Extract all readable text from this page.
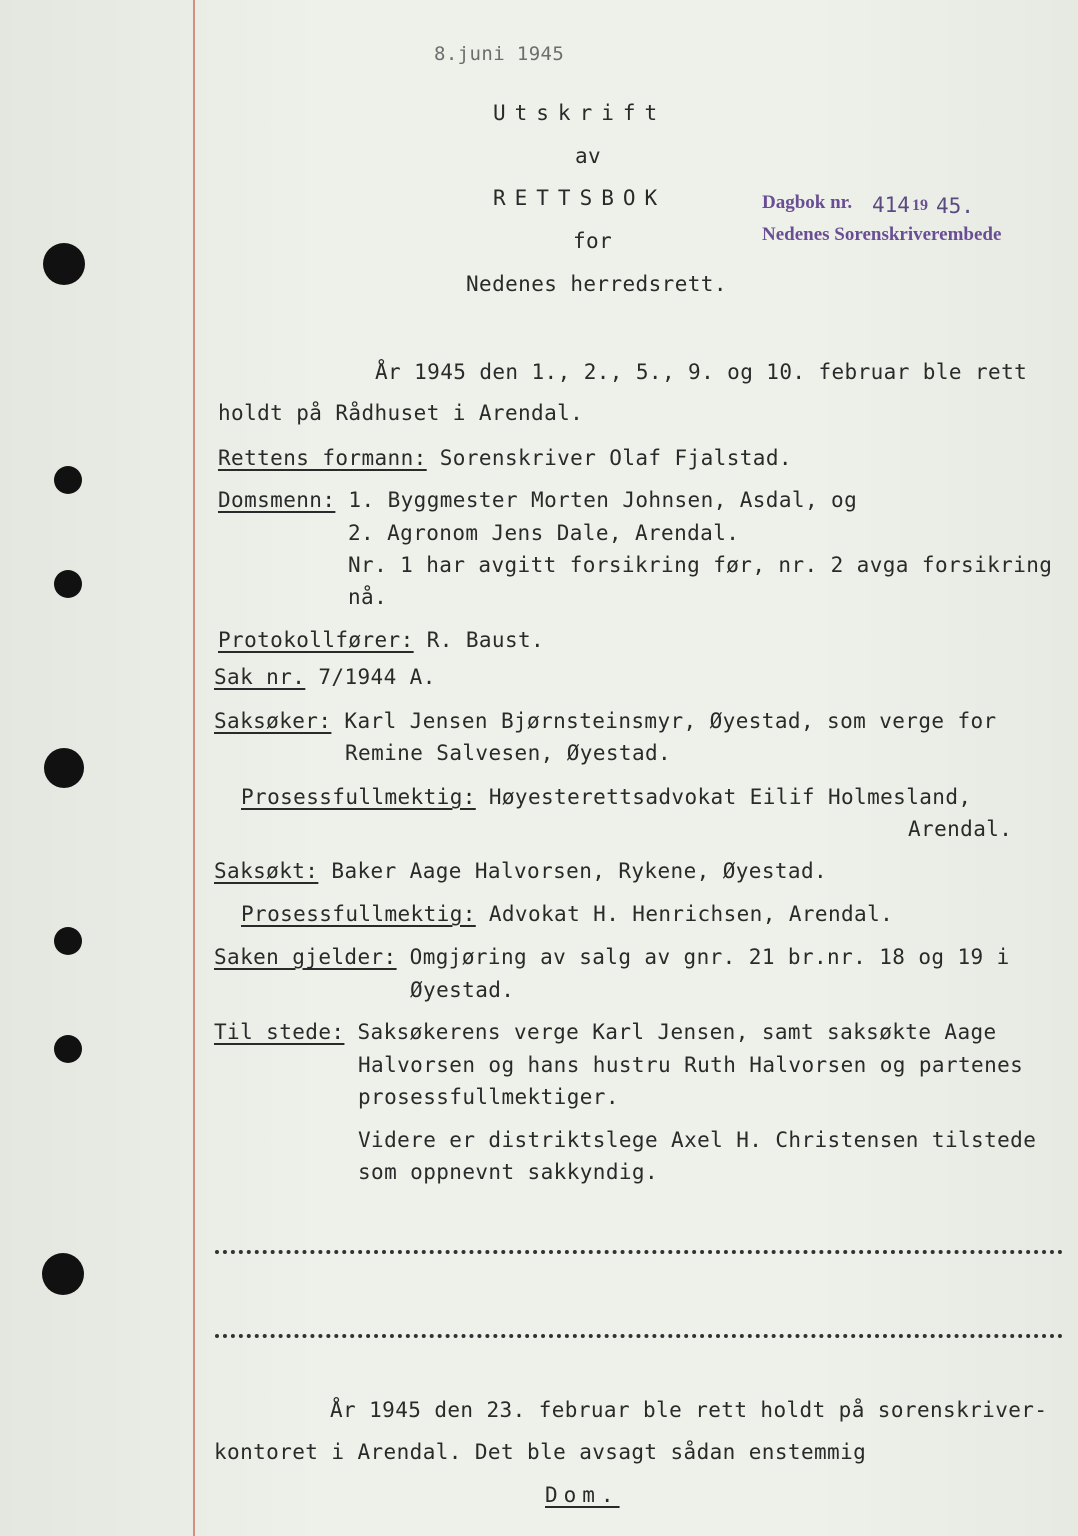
8.juni 1945
Utskrift
av
RETTSBOK
for
Nedenes herredsrett.
Dagbok nr. 414 19 45.
Nedenes Sorenskriverembede
År 1945 den 1., 2., 5., 9. og 10. februar ble rett
holdt på Rådhuset i Arendal.
Rettens formann: Sorenskriver Olaf Fjalstad.
Domsmenn: 1. Byggmester Morten Johnsen, Asdal, og
2. Agronom Jens Dale, Arendal.
Nr. 1 har avgitt forsikring før, nr. 2 avga forsikring
nå.
Protokollfører: R. Baust.
Sak nr. 7/1944 A.
Saksøker: Karl Jensen Bjørnsteinsmyr, Øyestad, som verge for
Remine Salvesen, Øyestad.
Prosessfullmektig: Høyesterettsadvokat Eilif Holmesland,
Arendal.
Saksøkt: Baker Aage Halvorsen, Rykene, Øyestad.
Prosessfullmektig: Advokat H. Henrichsen, Arendal.
Saken gjelder: Omgjøring av salg av gnr. 21 br.nr. 18 og 19 i
Øyestad.
Til stede: Saksøkerens verge Karl Jensen, samt saksøkte Aage
Halvorsen og hans hustru Ruth Halvorsen og partenes
prosessfullmektiger.
Videre er distriktslege Axel H. Christensen tilstede
som oppnevnt sakkyndig.
År 1945 den 23. februar ble rett holdt på sorenskriver-
kontoret i Arendal. Det ble avsagt sådan enstemmig
Dom.
